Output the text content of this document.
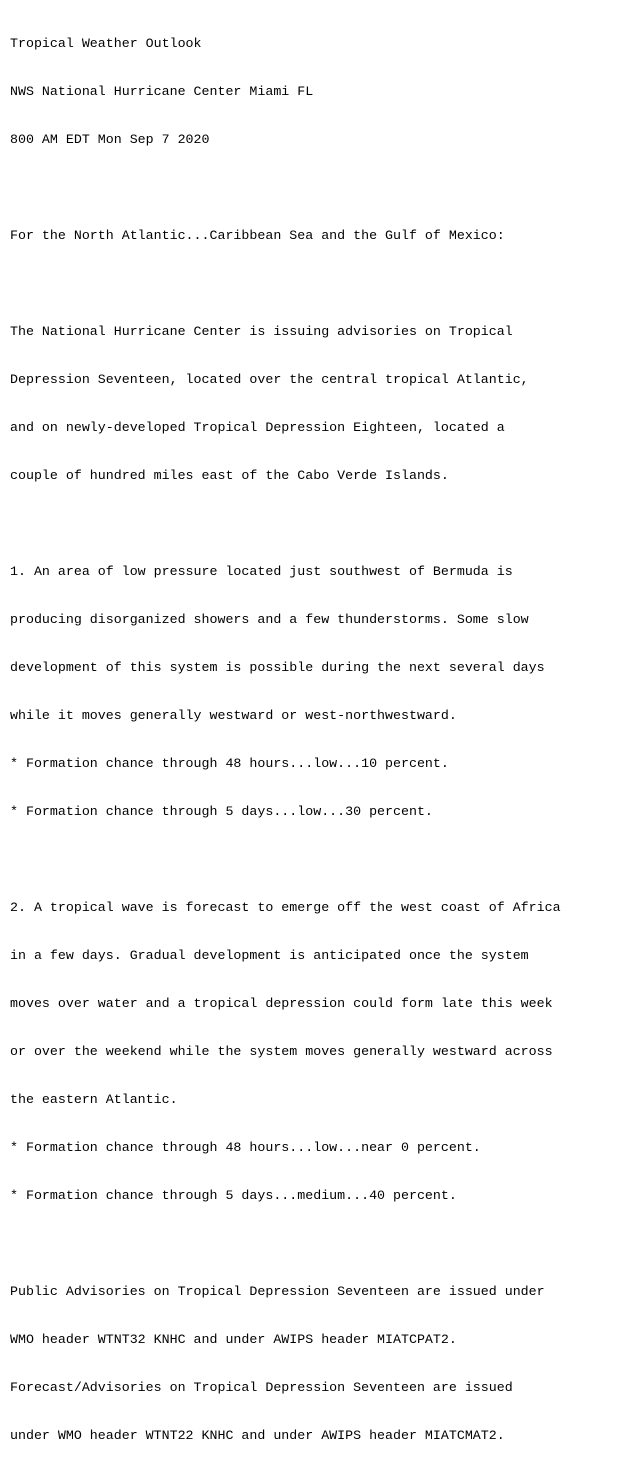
Tropical Weather Outlook

NWS National Hurricane Center Miami FL

800 AM EDT Mon Sep 7 2020

For the North Atlantic...Caribbean Sea and the Gulf of Mexico:

The National Hurricane Center is issuing advisories on Tropical

Depression Seventeen, located over the central tropical Atlantic,

and on newly-developed Tropical Depression Eighteen, located a

couple of hundred miles east of the Cabo Verde Islands.

1. An area of low pressure located just southwest of Bermuda is

producing disorganized showers and a few thunderstorms. Some slow

development of this system is possible during the next several days

while it moves generally westward or west-northwestward.

* Formation chance through 48 hours...low...10 percent.

* Formation chance through 5 days...low...30 percent.

2. A tropical wave is forecast to emerge off the west coast of Africa

in a few days. Gradual development is anticipated once the system

moves over water and a tropical depression could form late this week

or over the weekend while the system moves generally westward across

the eastern Atlantic.

* Formation chance through 48 hours...low...near 0 percent.

* Formation chance through 5 days...medium...40 percent.

Public Advisories on Tropical Depression Seventeen are issued under

WMO header WTNT32 KNHC and under AWIPS header MIATCPAT2.

Forecast/Advisories on Tropical Depression Seventeen are issued

under WMO header WTNT22 KNHC and under AWIPS header MIATCMAT2.
